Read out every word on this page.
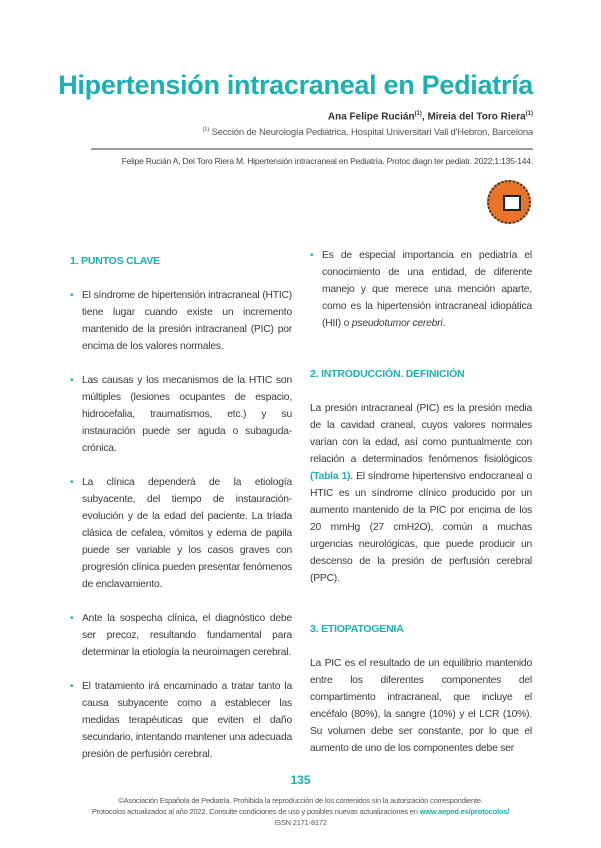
Hipertensión intracraneal en Pediatría
Ana Felipe Rucián$^{(1)}$, Mireia del Toro Riera$^{(1)}$
$^{(1)}$ Sección de Neurología Pediátrica. Hospital Universitari Vall d'Hebron, Barcelona
Felipe Rucián A, Del Toro Riera M. Hipertensión intracraneal en Pediatría. Protoc diagn ter pediatr. 2022;1:135-144.
1. PUNTOS CLAVE
• El síndrome de hipertensión intracraneal (HTIC) tiene lugar cuando existe un incremento mantenido de la presión intracraneal (PIC) por encima de los valores normales.
• Las causas y los mecanismos de la HTIC son múltiples (lesiones ocupantes de espacio, hidrocefalia, traumatismos, etc.) y su instauración puede ser aguda o subaguda-crónica.
• La clínica dependerá de la etiología subyacente, del tiempo de instauración-evolución y de la edad del paciente. La tríada clásica de cefalea, vómitos y edema de papila puede ser variable y los casos graves con progresión clínica pueden presentar fenómenos de enclavamiento.
• Ante la sospecha clínica, el diagnóstico debe ser precoz, resultando fundamental para determinar la etiología la neuroimagen cerebral.
• El tratamiento irá encaminado a tratar tanto la causa subyacente como a establecer las medidas terapéuticas que eviten el daño secundario, intentando mantener una adecuada presión de perfusión cerebral.
• Es de especial importancia en pediatría el conocimiento de una entidad, de diferente manejo y que merece una mención aparte, como es la hipertensión intracraneal idiopática (HII) o pseudotumor cerebri.
2. INTRODUCCIÓN. DEFINICIÓN
La presión intracraneal (PIC) es la presión media de la cavidad craneal, cuyos valores normales varían con la edad, así como puntualmente con relación a determinados fenómenos fisiológicos (Tabla 1). El síndrome hipertensivo endocraneal o HTIC es un síndrome clínico producido por un aumento mantenido de la PIC por encima de los 20 mmHg (27 cmH2O), común a muchas urgencias neurológicas, que puede producir un descenso de la presión de perfusión cerebral (PPC).
3. ETIOPATOGENIA
La PIC es el resultado de un equilibrio mantenido entre los diferentes componentes del compartimento intracraneal, que incluye el encéfalo (80%), la sangre (10%) y el LCR (10%). Su volumen debe ser constante, por lo que el aumento de uno de los componentes debe ser
135
©Asociación Española de Pediatría. Prohibida la reproducción de los contenidos sin la autorización correspondiente.
Protocolos actualizados al año 2022. Consulte condiciones de uso y posibles nuevas actualizaciones en www.aeped.es/protocolos/
ISSN 2171-8172
